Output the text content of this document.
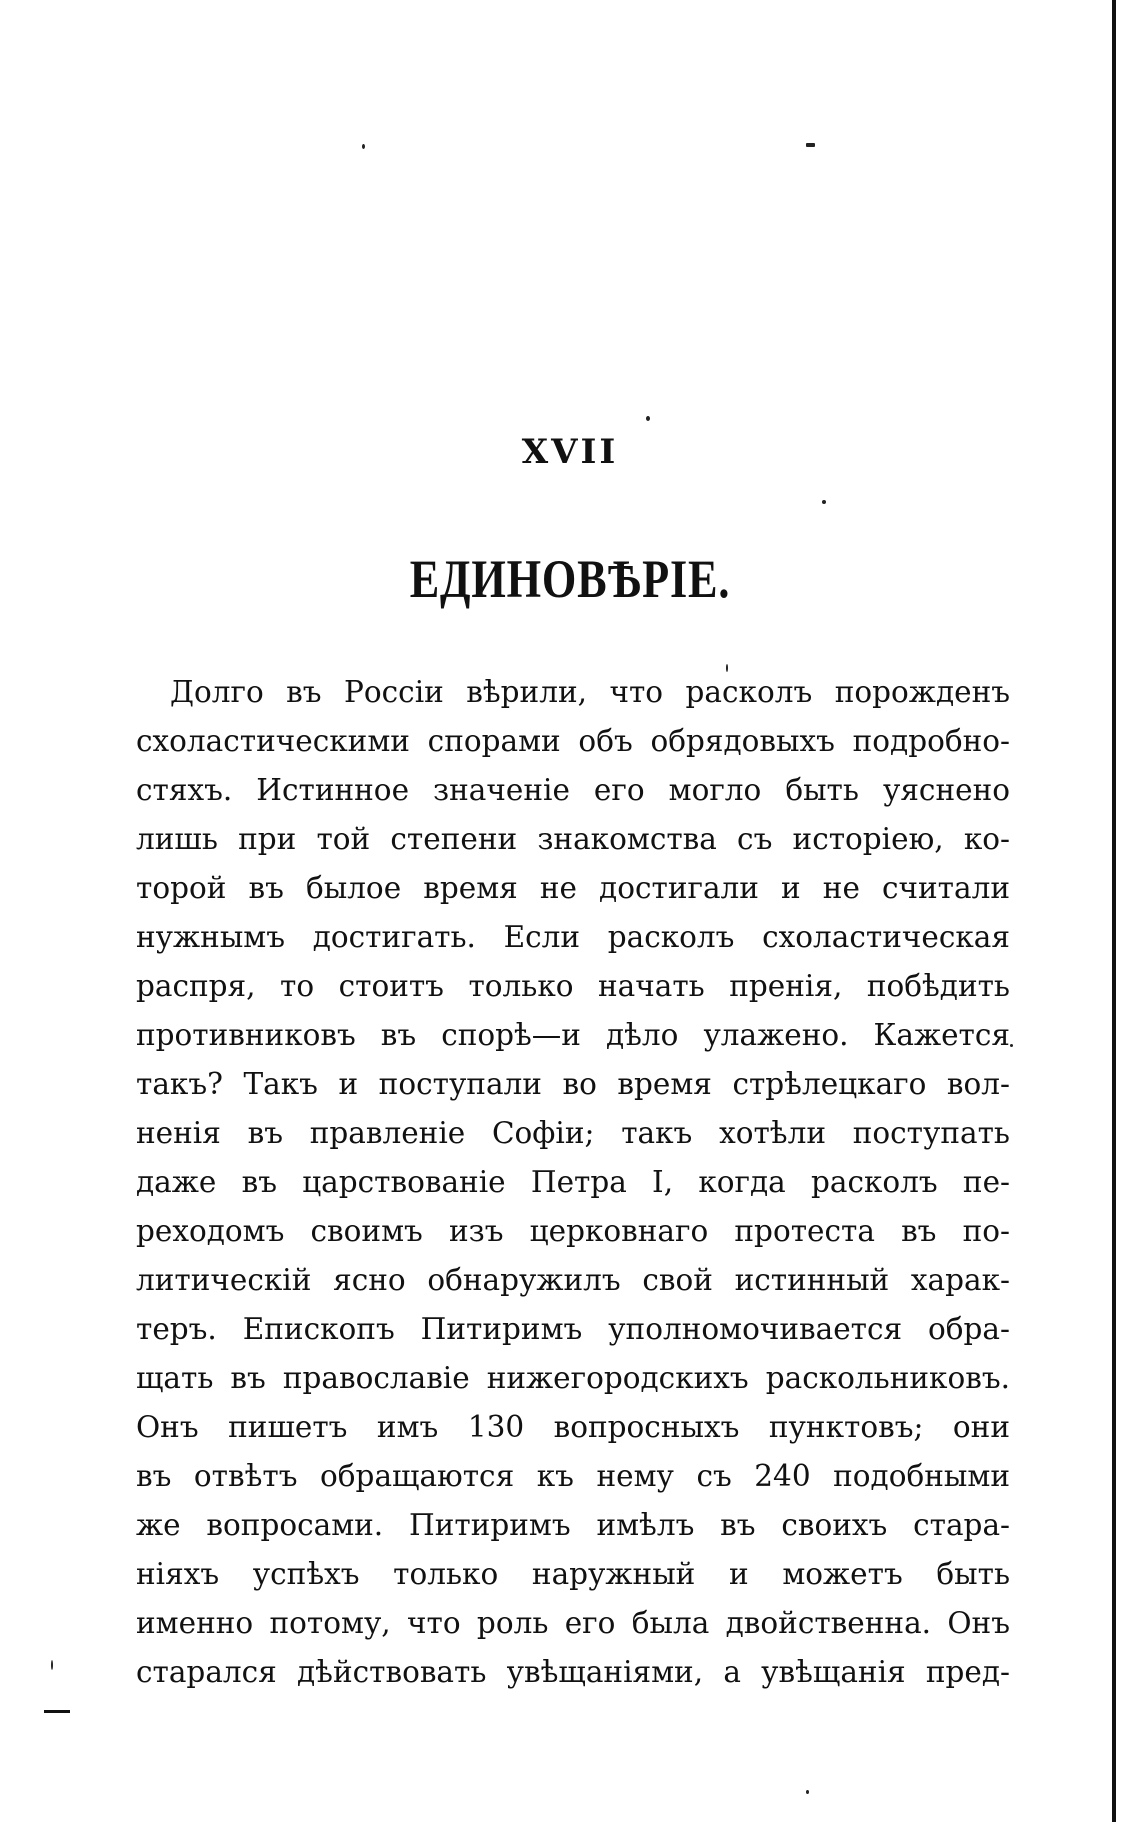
XVII
ЕДИНОВѢРІЕ.
Долго въ Россіи вѣрили, что расколъ порожденъ
схоластическими спорами объ обрядовыхъ подробно-
стяхъ. Истинное значеніе его могло быть уяснено
лишь при той степени знакомства съ исторіею, ко-
торой въ былое время не достигали и не считали
нужнымъ достигать. Если расколъ схоластическая
распря, то стоитъ только начать пренія, побѣдить
противниковъ въ спорѣ—и дѣло улажено. Кажется
такъ? Такъ и поступали во время стрѣлецкаго вол-
ненія въ правленіе Софіи; такъ хотѣли поступать
даже въ царствованіе Петра I, когда расколъ пе-
реходомъ своимъ изъ церковнаго протеста въ по-
литическій ясно обнаружилъ свой истинный харак-
теръ. Епископъ Питиримъ уполномочивается обра-
щать въ православіе нижегородскихъ раскольниковъ.
Онъ пишетъ имъ 130 вопросныхъ пунктовъ; они
въ отвѣтъ обращаются къ нему съ 240 подобными
же вопросами. Питиримъ имѣлъ въ своихъ стара-
ніяхъ успѣхъ только наружный и можетъ быть
именно потому, что роль его была двойственна. Онъ
старался дѣйствовать увѣщаніями, а увѣщанія пред-
